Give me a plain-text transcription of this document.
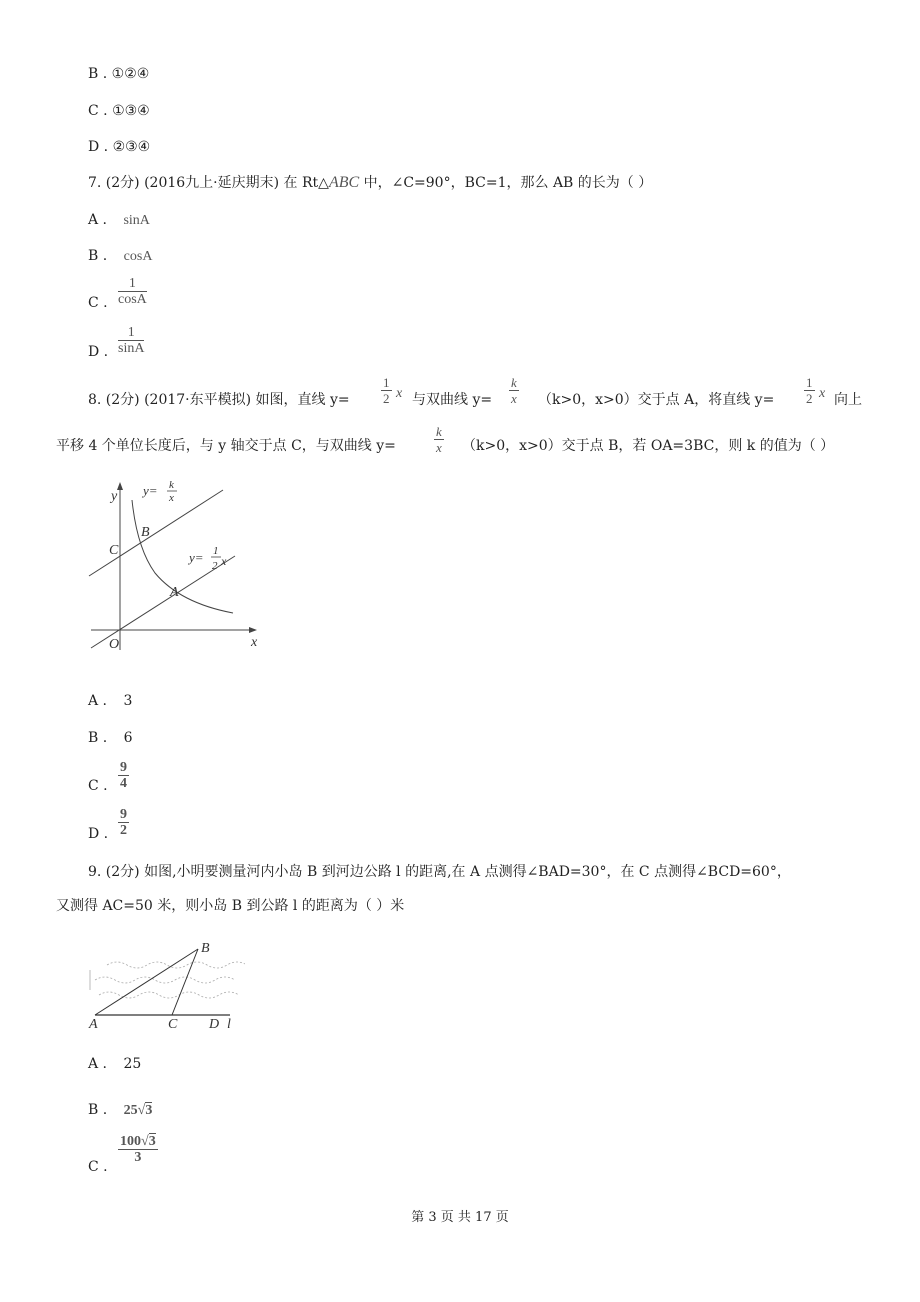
B . ①②④
C . ①③④
D . ②③④
7. (2分) (2016九上·延庆期末) 在 Rt△ABC 中，∠C=90°，BC=1，那么 AB 的长为（ ）
A . sinA
B . cosA
C . $\frac{1}{\cos A}$
D . $\frac{1}{\sin A}$
8. (2分) (2017·东平模拟) 如图，直线 $y= \frac{1}{2}$ x 与双曲线 $y= \frac{k}{x} (k>0$，x>0）交于点 A，将直线 $y= \frac{1}{2}$ x 向上
平移 4 个单位长度后，与 y 轴交于点 C，与双曲线 y=	$\frac{k}{x} (k>0$，x>0）交于点 B，若 OA=3BC，则 k 的值为（ ）
y
x
O
C
B
A
y= k
x
y= 1
2 x
A . 3
B . 6
C . $\frac{9}{4}$
D . $\frac{9}{2}$
9. (2分) 如图,小明要测量河内小岛 B 到河边公路 l 的距离,在 A 点测得∠BAD=30°，在 C 点测得∠BCD=60°，
又测得 AC=50 米，则小岛 B 到公路 l 的距离为（ ）米
A
B
C D l
A . 25
B . 25√3
C .
$\frac{100√3}{3}$
第 3 页 共 17 页
